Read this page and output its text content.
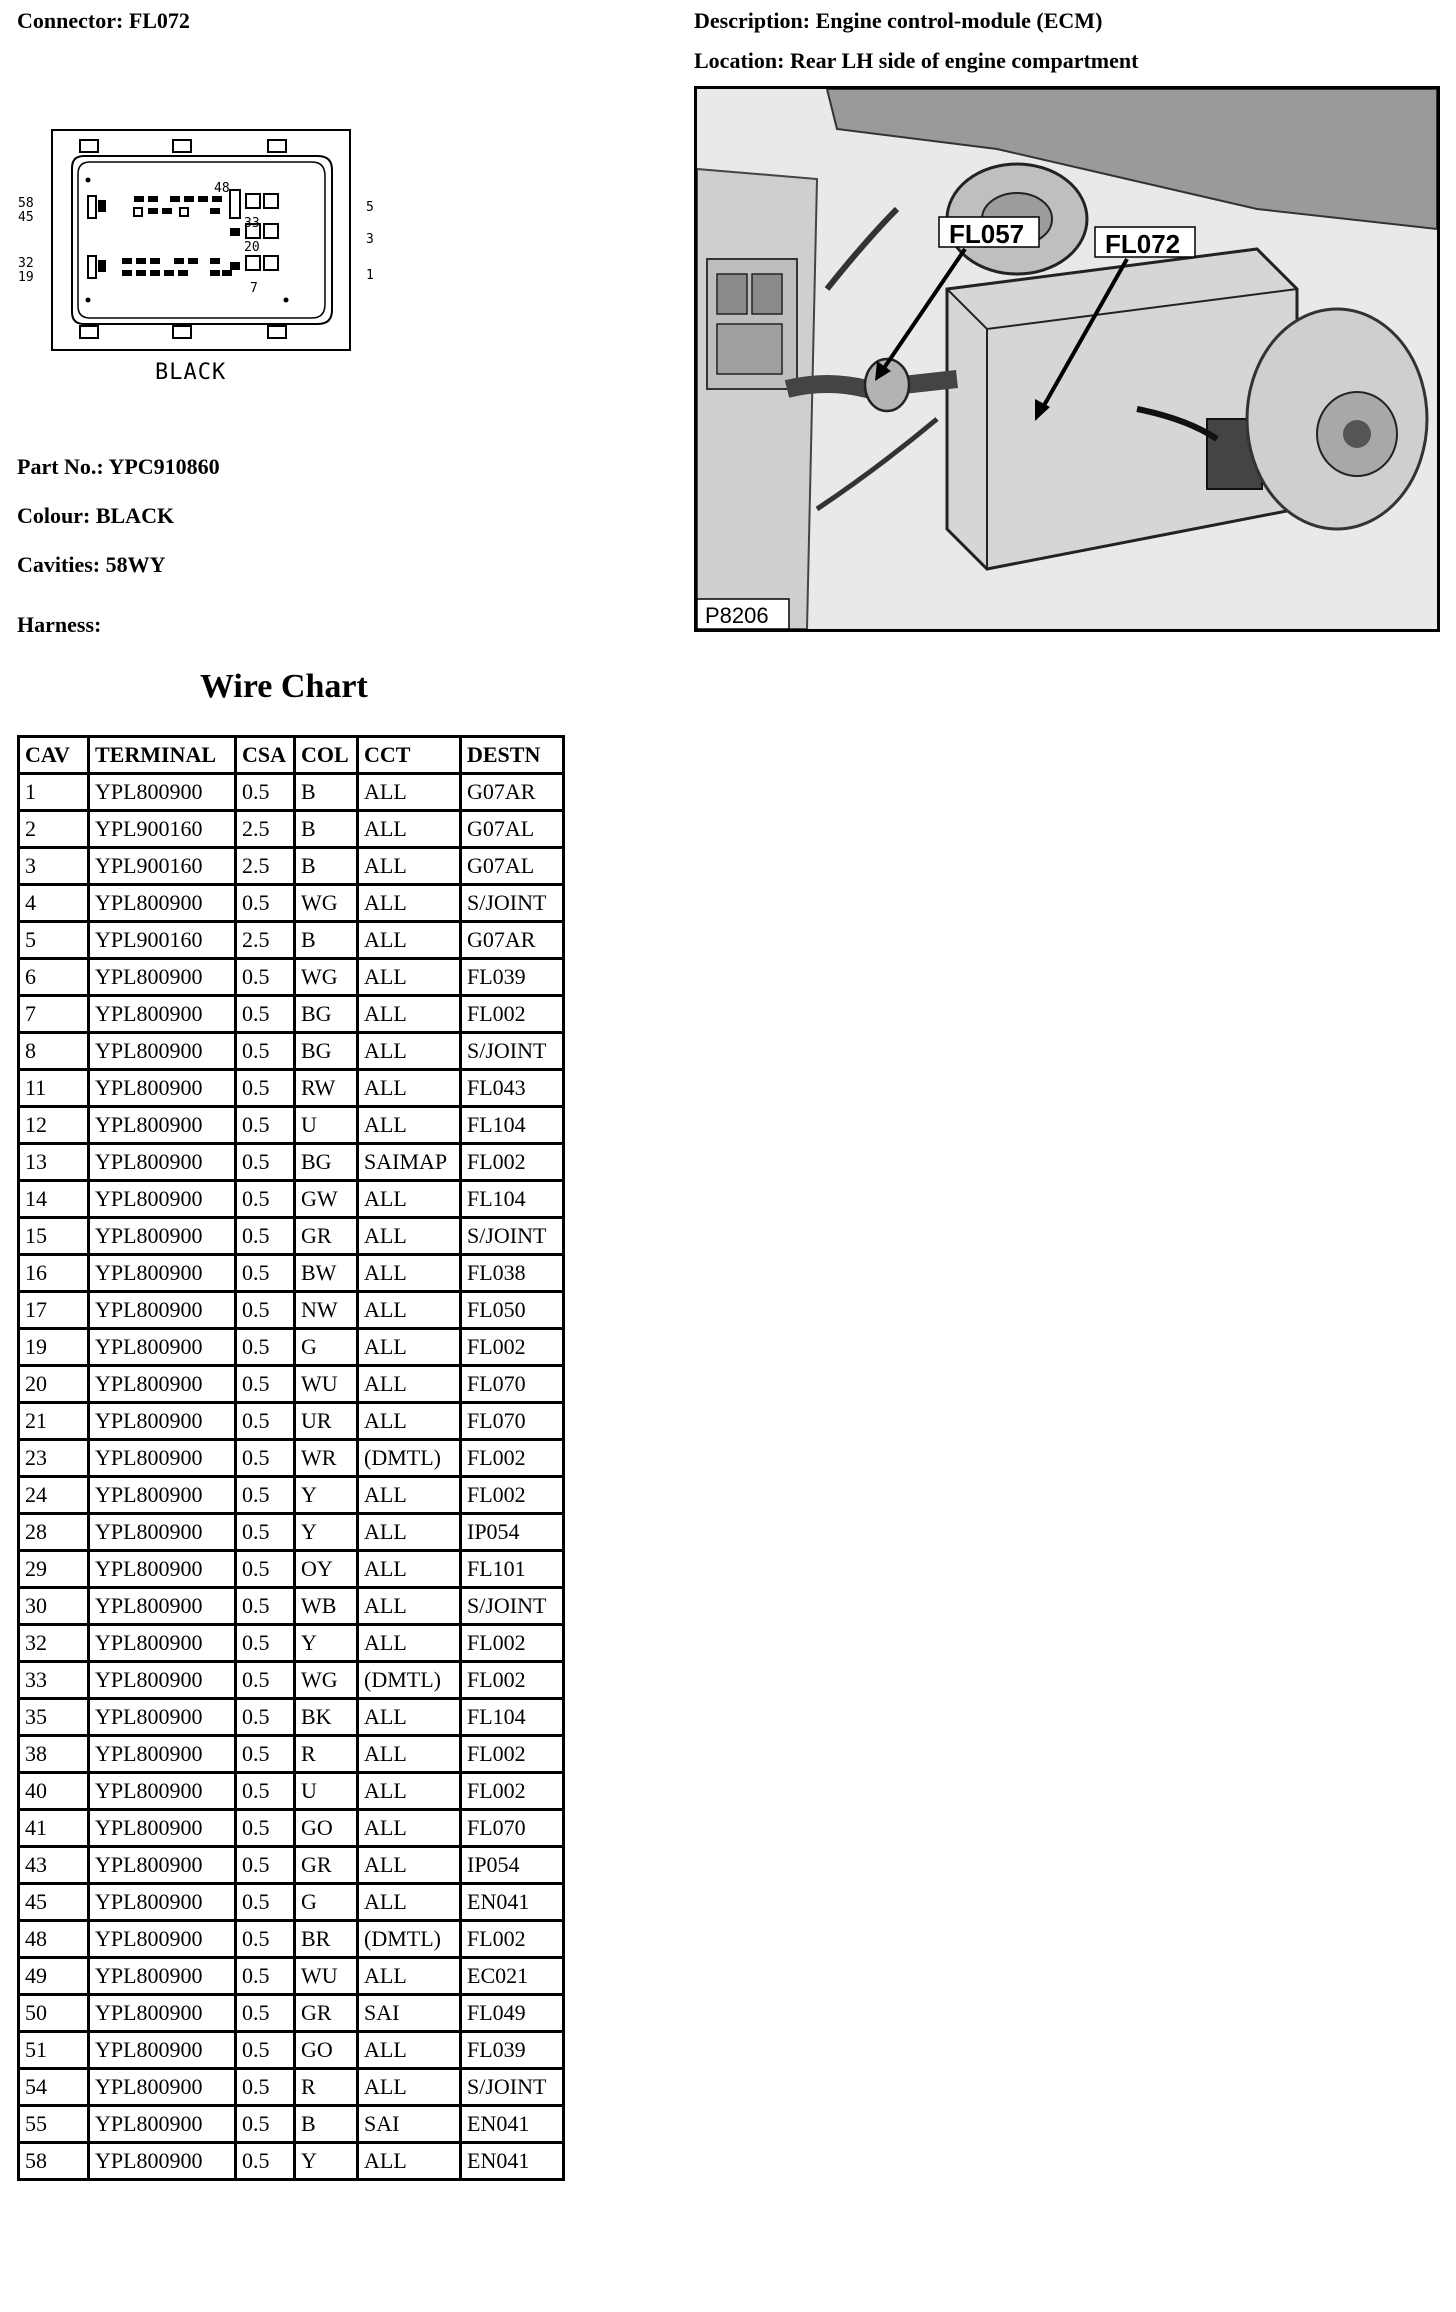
Connector: FL072	Description: Engine control-module (ECM)
Location: Rear LH side of engine compartment
58
45
32
19
5
3
1
48
33
20
7
BLACK
Part No.: YPC910860
Colour: BLACK
Cavities: 58WY
Harness:
FL057	FL072
P8206
Wire Chart
CAV	TERMINAL	CSA	COL	CCT	DESTN
1	YPL800900	0.5	B	ALL	G07AR
2	YPL900160	2.5	B	ALL	G07AL
3	YPL900160	2.5	B	ALL	G07AL
4	YPL800900	0.5	WG	ALL	S/JOINT
5	YPL900160	2.5	B	ALL	G07AR
6	YPL800900	0.5	WG	ALL	FL039
7	YPL800900	0.5	BG	ALL	FL002
8	YPL800900	0.5	BG	ALL	S/JOINT
11	YPL800900	0.5	RW	ALL	FL043
12	YPL800900	0.5	U	ALL	FL104
13	YPL800900	0.5	BG	SAIMAP	FL002
14	YPL800900	0.5	GW	ALL	FL104
15	YPL800900	0.5	GR	ALL	S/JOINT
16	YPL800900	0.5	BW	ALL	FL038
17	YPL800900	0.5	NW	ALL	FL050
19	YPL800900	0.5	G	ALL	FL002
20	YPL800900	0.5	WU	ALL	FL070
21	YPL800900	0.5	UR	ALL	FL070
23	YPL800900	0.5	WR	(DMTL)	FL002
24	YPL800900	0.5	Y	ALL	FL002
28	YPL800900	0.5	Y	ALL	IP054
29	YPL800900	0.5	OY	ALL	FL101
30	YPL800900	0.5	WB	ALL	S/JOINT
32	YPL800900	0.5	Y	ALL	FL002
33	YPL800900	0.5	WG	(DMTL)	FL002
35	YPL800900	0.5	BK	ALL	FL104
38	YPL800900	0.5	R	ALL	FL002
40	YPL800900	0.5	U	ALL	FL002
41	YPL800900	0.5	GO	ALL	FL070
43	YPL800900	0.5	GR	ALL	IP054
45	YPL800900	0.5	G	ALL	EN041
48	YPL800900	0.5	BR	(DMTL)	FL002
49	YPL800900	0.5	WU	ALL	EC021
50	YPL800900	0.5	GR	SAI	FL049
51	YPL800900	0.5	GO	ALL	FL039
54	YPL800900	0.5	R	ALL	S/JOINT
55	YPL800900	0.5	B	SAI	EN041
58	YPL800900	0.5	Y	ALL	EN041
